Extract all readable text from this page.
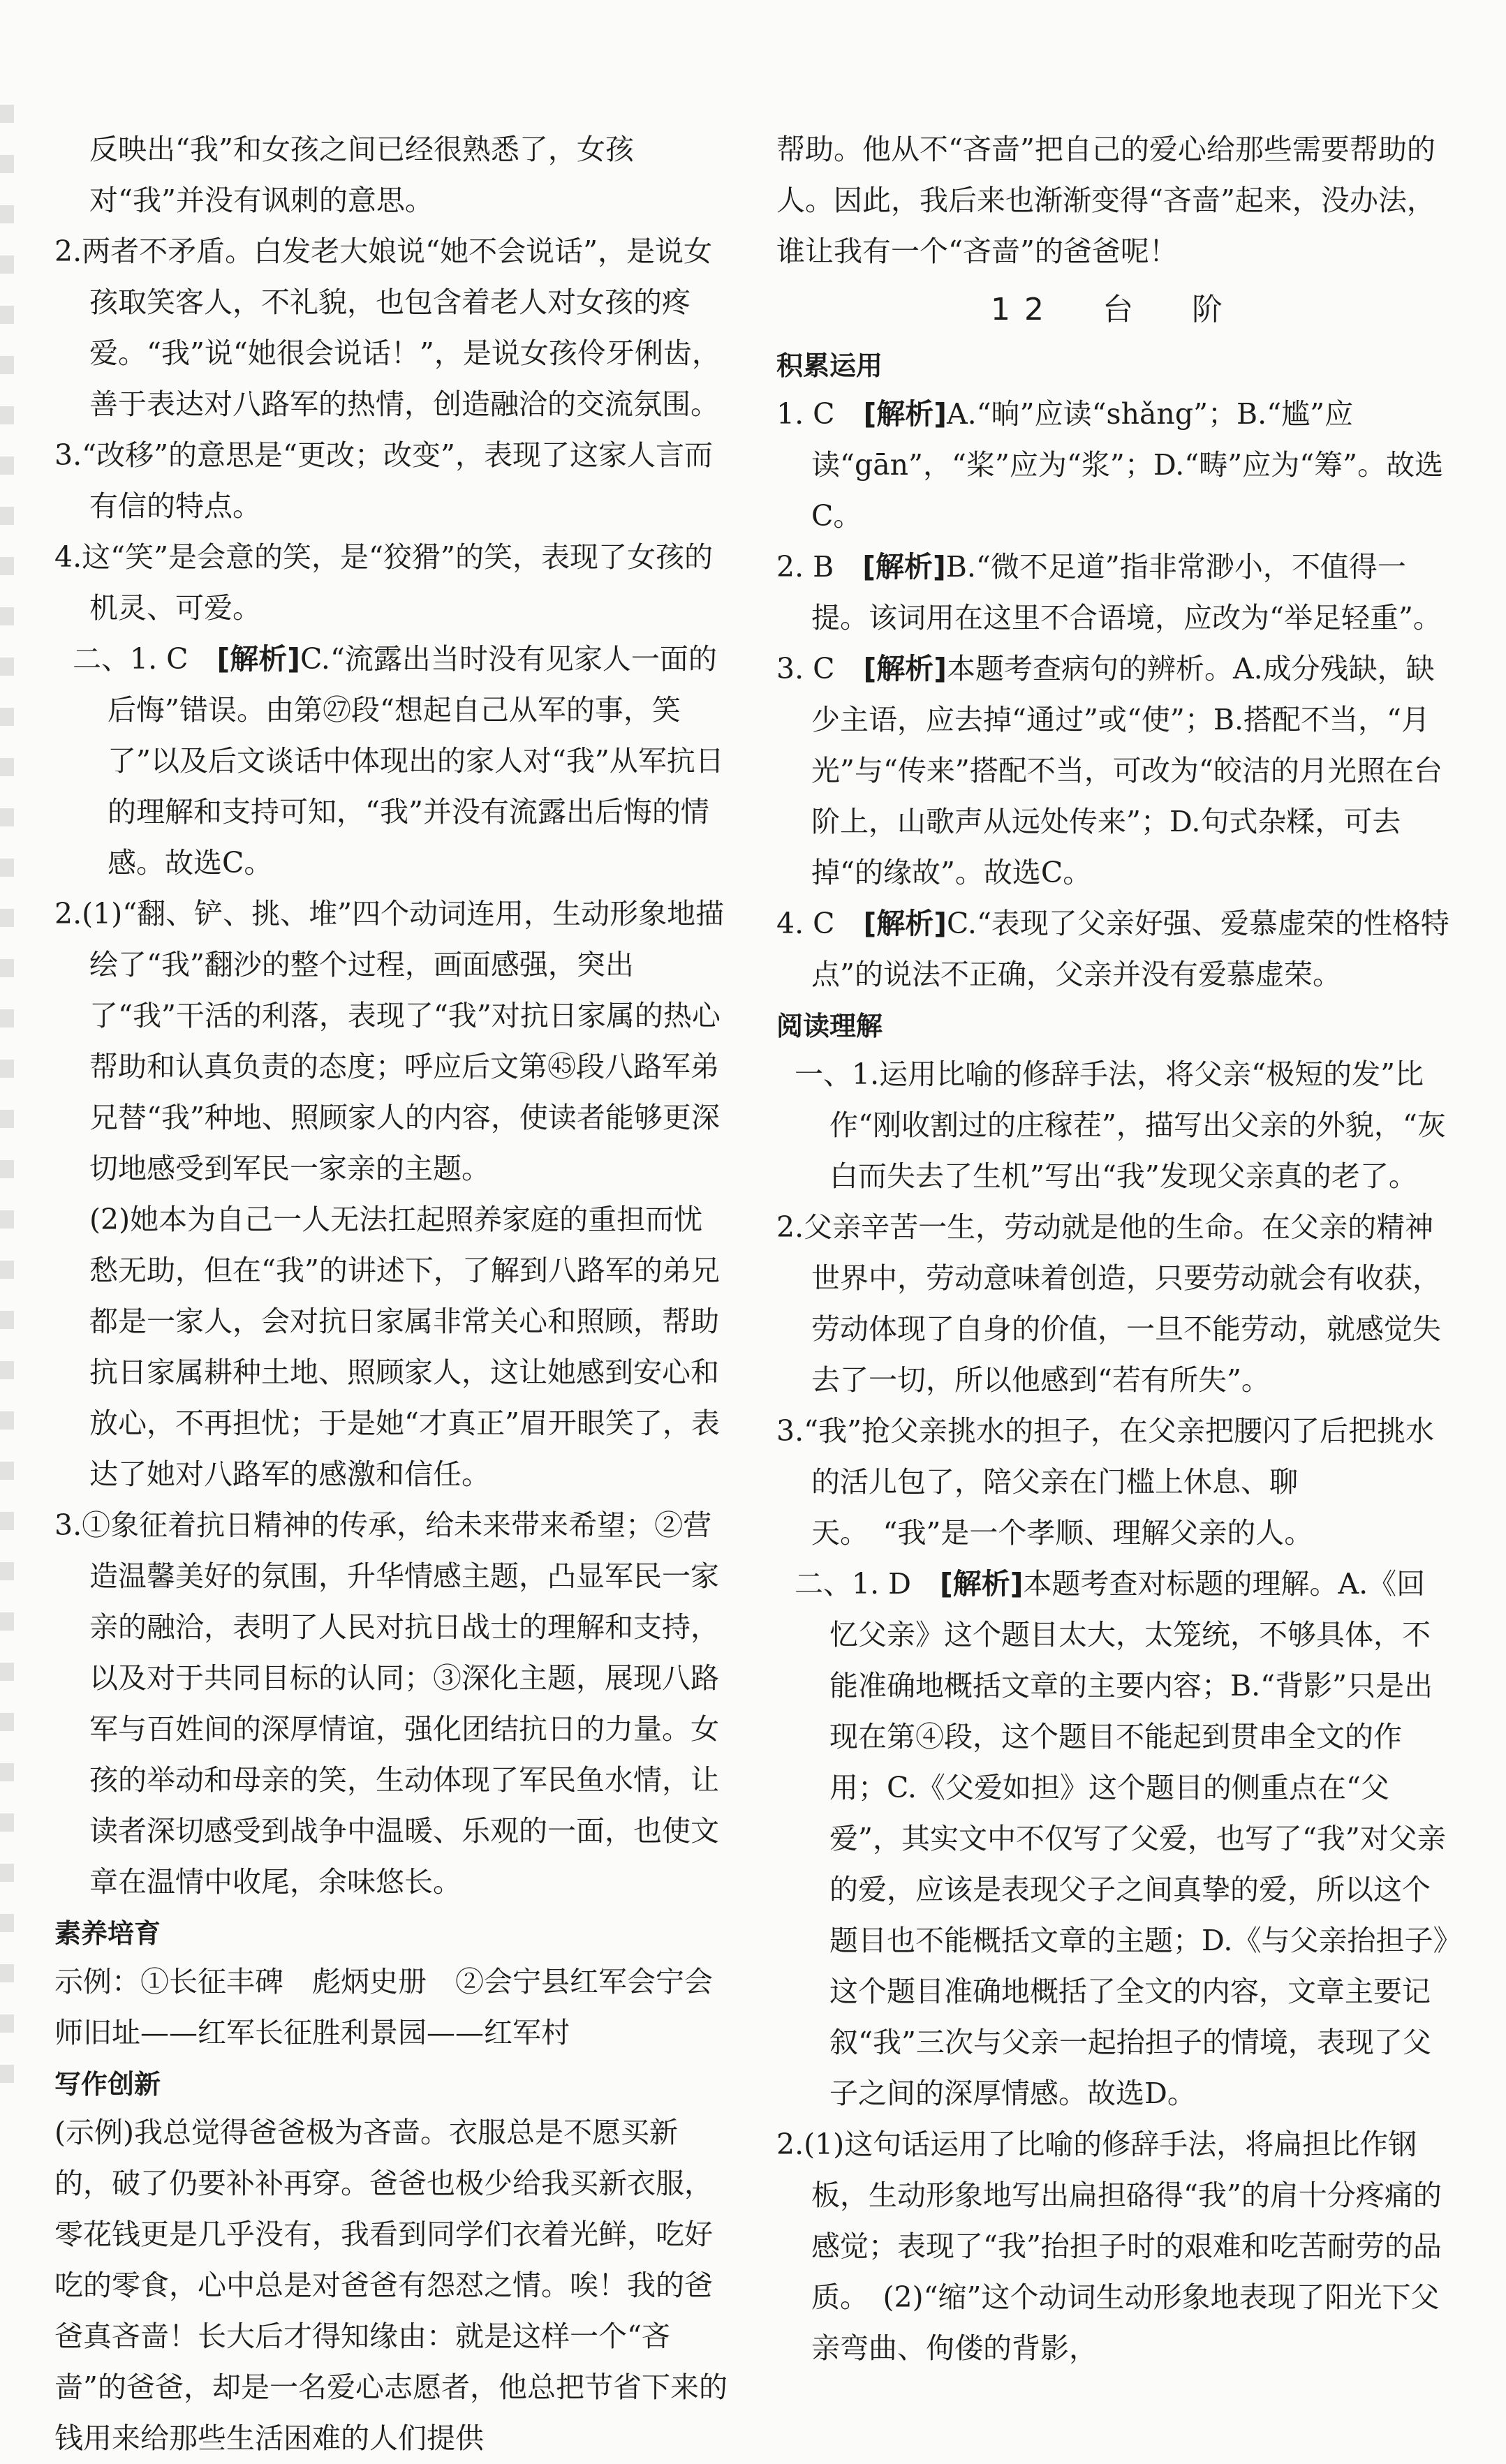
反映出“我”和女孩之间已经很熟悉了，女孩对“我”并没有讽刺的意思。

2.两者不矛盾。白发老大娘说“她不会说话”，是说女孩取笑客人，不礼貌，也包含着老人对女孩的疼爱。“我”说“她很会说话！”，是说女孩伶牙俐齿，善于表达对八路军的热情，创造融洽的交流氛围。

3.“改移”的意思是“更改；改变”，表现了这家人言而有信的特点。

4.这“笑”是会意的笑，是“狡猾”的笑，表现了女孩的机灵、可爱。

二、1. C　[解析]C.“流露出当时没有见家人一面的后悔”错误。由第㉗段“想起自己从军的事，笑了”以及后文谈话中体现出的家人对“我”从军抗日的理解和支持可知，“我”并没有流露出后悔的情感。故选C。

2.(1)“翻、铲、挑、堆”四个动词连用，生动形象地描绘了“我”翻沙的整个过程，画面感强，突出了“我”干活的利落，表现了“我”对抗日家属的热心帮助和认真负责的态度；呼应后文第㊺段八路军弟兄替“我”种地、照顾家人的内容，使读者能够更深切地感受到军民一家亲的主题。

(2)她本为自己一人无法扛起照养家庭的重担而忧愁无助，但在“我”的讲述下，了解到八路军的弟兄都是一家人，会对抗日家属非常关心和照顾，帮助抗日家属耕种土地、照顾家人，这让她感到安心和放心，不再担忧；于是她“才真正”眉开眼笑了，表达了她对八路军的感激和信任。

3.①象征着抗日精神的传承，给未来带来希望；②营造温馨美好的氛围，升华情感主题，凸显军民一家亲的融洽，表明了人民对抗日战士的理解和支持，以及对于共同目标的认同；③深化主题，展现八路军与百姓间的深厚情谊，强化团结抗日的力量。女孩的举动和母亲的笑，生动体现了军民鱼水情，让读者深切感受到战争中温暖、乐观的一面，也使文章在温情中收尾，余味悠长。

素养培育

示例：①长征丰碑　彪炳史册　②会宁县红军会宁会师旧址——红军长征胜利景园——红军村

写作创新

(示例)我总觉得爸爸极为吝啬。衣服总是不愿买新的，破了仍要补补再穿。爸爸也极少给我买新衣服，零花钱更是几乎没有，我看到同学们衣着光鲜，吃好吃的零食，心中总是对爸爸有怨怼之情。唉！我的爸爸真吝啬！长大后才得知缘由：就是这样一个“吝啬”的爸爸，却是一名爱心志愿者，他总把节省下来的钱用来给那些生活困难的人们提供

帮助。他从不“吝啬”把自己的爱心给那些需要帮助的人。因此，我后来也渐渐变得“吝啬”起来，没办法，谁让我有一个“吝啬”的爸爸呢！

12　台　阶

积累运用

1. C　[解析]A.“晌”应读“shǎng”；B.“尴”应读“gān”，“桨”应为“浆”；D.“畴”应为“筹”。故选C。

2. B　[解析]B.“微不足道”指非常渺小，不值得一提。该词用在这里不合语境，应改为“举足轻重”。

3. C　[解析]本题考查病句的辨析。A.成分残缺，缺少主语，应去掉“通过”或“使”；B.搭配不当，“月光”与“传来”搭配不当，可改为“皎洁的月光照在台阶上，山歌声从远处传来”；D.句式杂糅，可去掉“的缘故”。故选C。

4. C　[解析]C.“表现了父亲好强、爱慕虚荣的性格特点”的说法不正确，父亲并没有爱慕虚荣。

阅读理解

一、1.运用比喻的修辞手法，将父亲“极短的发”比作“刚收割过的庄稼茬”，描写出父亲的外貌，“灰白而失去了生机”写出“我”发现父亲真的老了。

2.父亲辛苦一生，劳动就是他的生命。在父亲的精神世界中，劳动意味着创造，只要劳动就会有收获，劳动体现了自身的价值，一旦不能劳动，就感觉失去了一切，所以他感到“若有所失”。

3.“我”抢父亲挑水的担子，在父亲把腰闪了后把挑水的活儿包了，陪父亲在门槛上休息、聊天。　“我”是一个孝顺、理解父亲的人。

二、1. D　[解析]本题考查对标题的理解。A.《回忆父亲》这个题目太大，太笼统，不够具体，不能准确地概括文章的主要内容；B.“背影”只是出现在第④段，这个题目不能起到贯串全文的作用；C.《父爱如担》这个题目的侧重点在“父爱”，其实文中不仅写了父爱，也写了“我”对父亲的爱，应该是表现父子之间真挚的爱，所以这个题目也不能概括文章的主题；D.《与父亲抬担子》这个题目准确地概括了全文的内容，文章主要记叙“我”三次与父亲一起抬担子的情境，表现了父子之间的深厚情感。故选D。

2.(1)这句话运用了比喻的修辞手法，将扁担比作钢板，生动形象地写出扁担硌得“我”的肩十分疼痛的感觉；表现了“我”抬担子时的艰难和吃苦耐劳的品质。　(2)“缩”这个动词生动形象地表现了阳光下父亲弯曲、佝偻的背影，
